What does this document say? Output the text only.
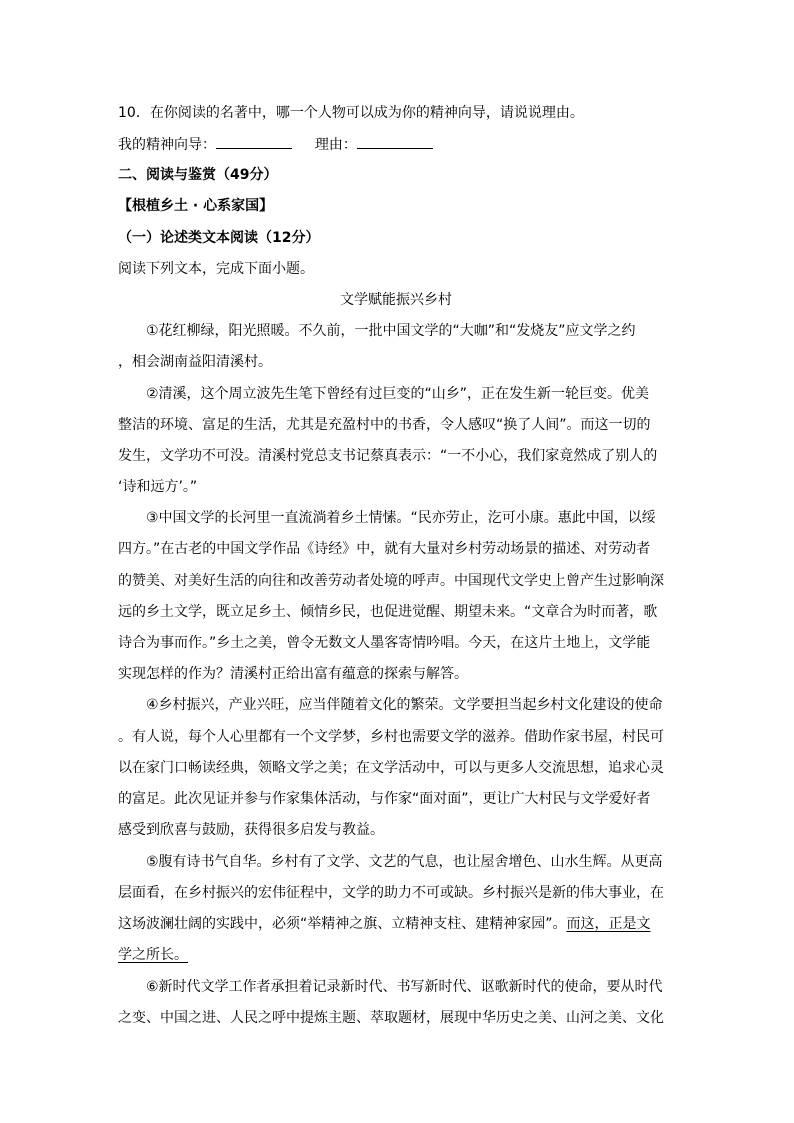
10．在你阅读的名著中，哪一个人物可以成为你的精神向导，请说说理由。
我的精神向导：	理由：
二、阅读与鉴赏（49分）
【根植乡土 · 心系家国】
（一）论述类文本阅读（12分）
阅读下列文本，完成下面小题。
文学赋能振兴乡村
①花红柳绿，阳光照暖。不久前，一批中国文学的“大咖”和“发烧友”应文学之约
，相会湖南益阳清溪村。
②清溪，这个周立波先生笔下曾经有过巨变的“山乡”，正在发生新一轮巨变。优美
整洁的环境、富足的生活，尤其是充盈村中的书香，令人感叹“换了人间”。而这一切的
发生，文学功不可没。清溪村党总支书记蔡真表示：“一不小心，我们家竟然成了别人的
‘诗和远方’。”
③中国文学的长河里一直流淌着乡土情愫。“民亦劳止，汔可小康。惠此中国，以绥
四方。”在古老的中国文学作品《诗经》中，就有大量对乡村劳动场景的描述、对劳动者
的赞美、对美好生活的向往和改善劳动者处境的呼声。中国现代文学史上曾产生过影响深
远的乡土文学，既立足乡土、倾情乡民，也促进觉醒、期望未来。“文章合为时而著，歌
诗合为事而作。”乡土之美，曾令无数文人墨客寄情吟唱。今天，在这片土地上，文学能
实现怎样的作为？清溪村正给出富有蕴意的探索与解答。
④乡村振兴，产业兴旺，应当伴随着文化的繁荣。文学要担当起乡村文化建设的使命
。有人说，每个人心里都有一个文学梦，乡村也需要文学的滋养。借助作家书屋，村民可
以在家门口畅读经典，领略文学之美；在文学活动中，可以与更多人交流思想，追求心灵
的富足。此次见证并参与作家集体活动，与作家“面对面”，更让广大村民与文学爱好者
感受到欣喜与鼓励，获得很多启发与教益。
⑤腹有诗书气自华。乡村有了文学、文艺的气息，也让屋舍增色、山水生辉。从更高
层面看，在乡村振兴的宏伟征程中，文学的助力不可或缺。乡村振兴是新的伟大事业，在
这场波澜壮阔的实践中，必须“举精神之旗、立精神支柱、建精神家园”。而这，正是文
学之所长。
⑥新时代文学工作者承担着记录新时代、书写新时代、讴歌新时代的使命，要从时代
之变、中国之进、人民之呼中提炼主题、萃取题材，展现中华历史之美、山河之美、文化
